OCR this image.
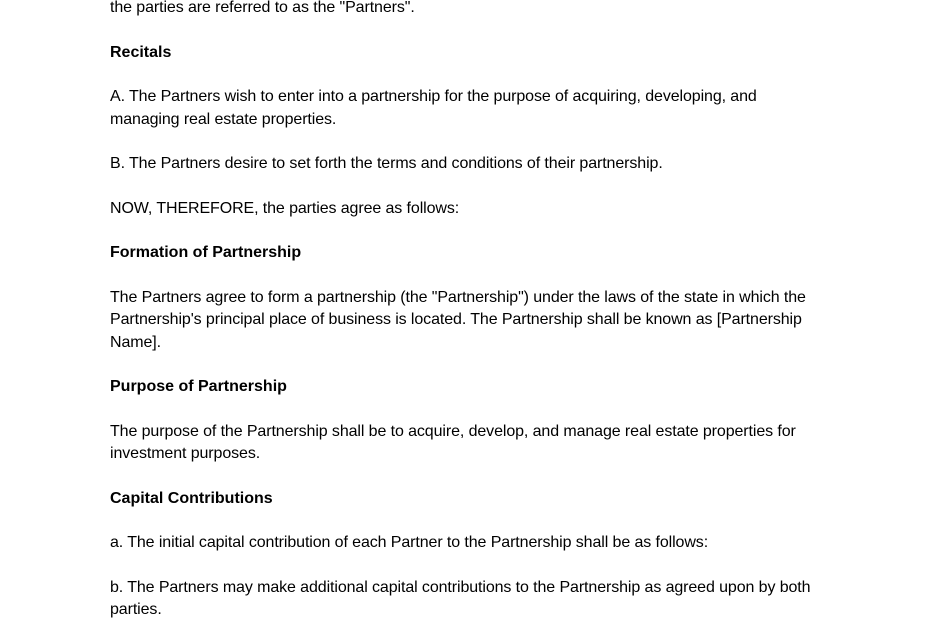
the parties are referred to as the "Partners".

Recitals

A. The Partners wish to enter into a partnership for the purpose of acquiring, developing, and managing real estate properties.

B. The Partners desire to set forth the terms and conditions of their partnership.

NOW, THEREFORE, the parties agree as follows:

Formation of Partnership

The Partners agree to form a partnership (the "Partnership") under the laws of the state in which the Partnership's principal place of business is located. The Partnership shall be known as [Partnership Name].

Purpose of Partnership

The purpose of the Partnership shall be to acquire, develop, and manage real estate properties for investment purposes.

Capital Contributions

a. The initial capital contribution of each Partner to the Partnership shall be as follows:

b. The Partners may make additional capital contributions to the Partnership as agreed upon by both parties.
